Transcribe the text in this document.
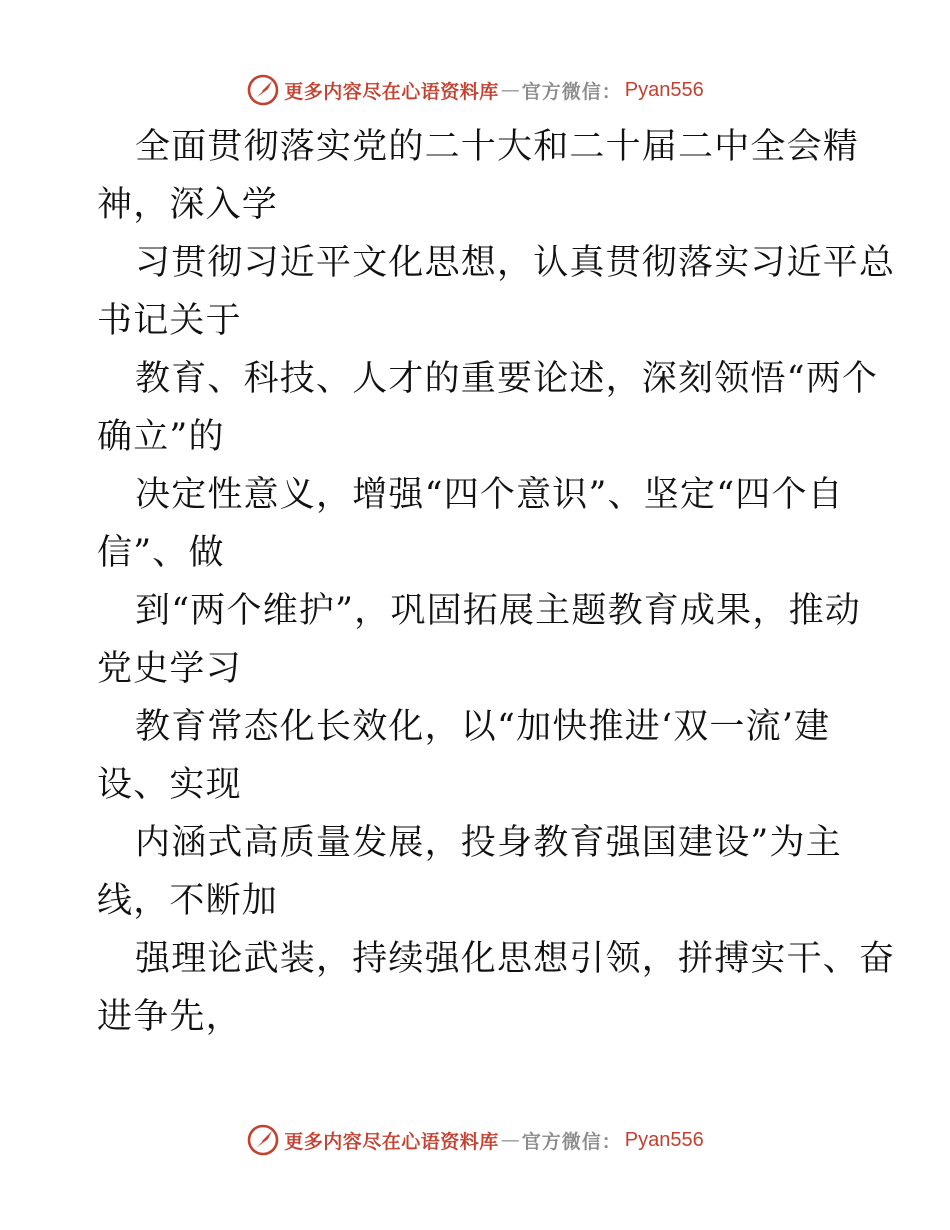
更多内容尽在心语资料库 — 官方微信 ： Pyan556
全面贯彻落实党的二十大和二十届二中全会精
神，深入学
习贯彻习近平文化思想，认真贯彻落实习近平总
书记关于
教育、科技、人才的重要论述，深刻领悟“两个
确立”的
决定性意义，增强“四个意识”、坚定“四个自
信”、做
到“两个维护”，巩固拓展主题教育成果，推动
党史学习
教育常态化长效化，以“加快推进‘双一流’建
设、实现
内涵式高质量发展，投身教育强国建设”为主
线，不断加
强理论武装，持续强化思想引领，拼搏实干、奋
进争先，
更多内容尽在心语资料库 — 官方微信 ： Pyan556
